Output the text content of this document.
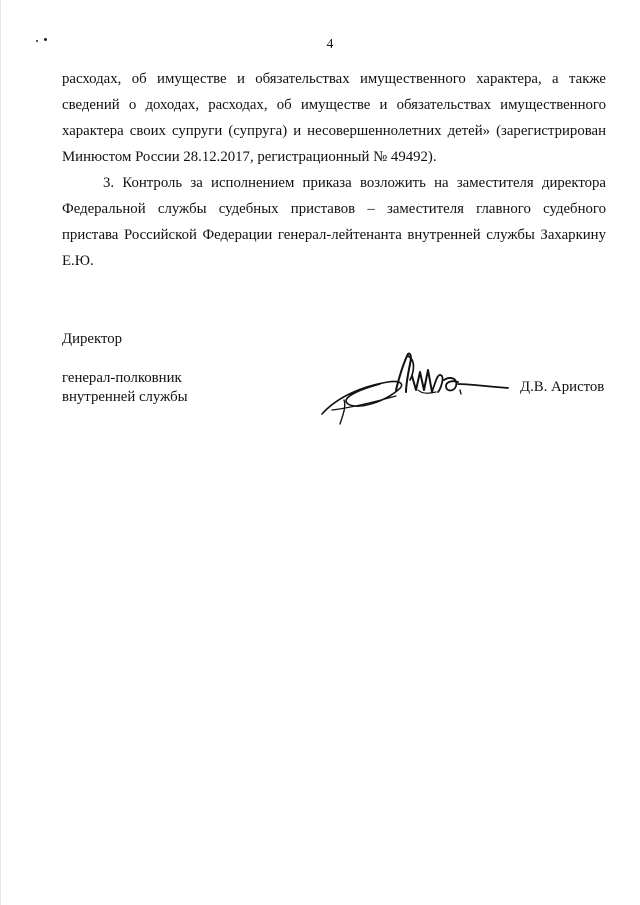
4

расходах, об имуществе и обязательствах имущественного характера, а также сведений о доходах, расходах, об имуществе и обязательствах имущественного характера своих супруги (супруга) и несовершеннолетних детей» (зарегистрирован Минюстом России 28.12.2017, регистрационный № 49492).

3. Контроль за исполнением приказа возложить на заместителя директора Федеральной службы судебных приставов – заместителя главного судебного пристава Российской Федерации генерал-лейтенанта внутренней службы Захаркину Е.Ю.

Директор
генерал-полковник
внутренней службы
Д.В. Аристов
